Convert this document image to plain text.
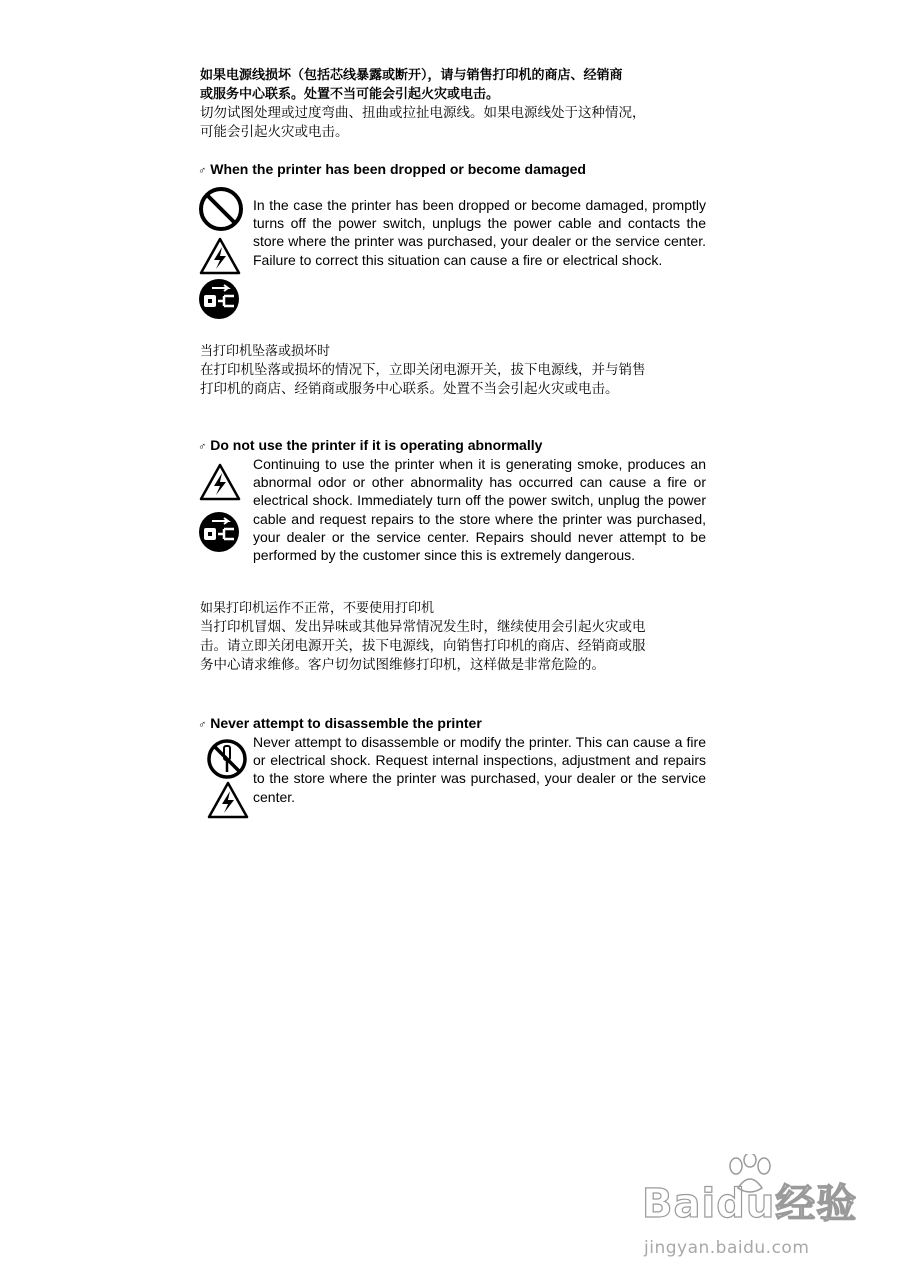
如果电源线损坏（包括芯线暴露或断开），请与销售打印机的商店、经销商

或服务中心联系。处置不当可能会引起火灾或电击。

切勿试图处理或过度弯曲、扭曲或拉扯电源线。如果电源线处于这种情况，

可能会引起火灾或电击。

♂ When the printer has been dropped or become damaged

In the case the printer has been dropped or become damaged, promptly turns off the power switch, unplugs the power cable and contacts the store where the printer was purchased, your dealer or the service center. Failure to correct this situation can cause a fire or electrical shock.

当打印机坠落或损坏时

在打印机坠落或损坏的情况下，立即关闭电源开关，拔下电源线，并与销售

打印机的商店、经销商或服务中心联系。处置不当会引起火灾或电击。

♂ Do not use the printer if it is operating abnormally

Continuing to use the printer when it is generating smoke, produces an abnormal odor or other abnormality has occurred can cause a fire or electrical shock. Immediately turn off the power switch, unplug the power cable and request repairs to the store where the printer was purchased, your dealer or the service center. Repairs should never attempt to be performed by the customer since this is extremely dangerous.

如果打印机运作不正常，不要使用打印机

当打印机冒烟、发出异味或其他异常情况发生时，继续使用会引起火灾或电

击。请立即关闭电源开关，拔下电源线，向销售打印机的商店、经销商或服

务中心请求维修。客户切勿试图维修打印机，这样做是非常危险的。

♂ Never attempt to disassemble the printer

Never attempt to disassemble or modify the printer. This can cause a fire or electrical shock. Request internal inspections, adjustment and repairs to the store where the printer was purchased, your dealer or the service center.

Baidu经验
jingyan.baidu.com
